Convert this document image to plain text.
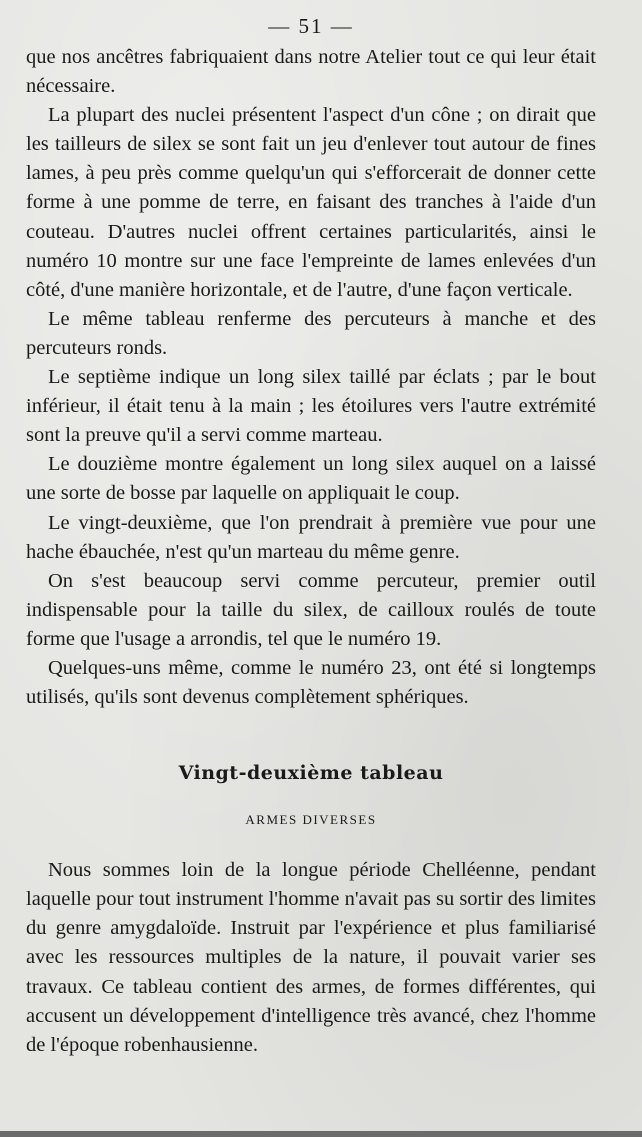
— 51 —

que nos ancêtres fabriquaient dans notre Atelier tout ce qui leur était nécessaire.

La plupart des nuclei présentent l'aspect d'un cône ; on dirait que les tailleurs de silex se sont fait un jeu d'enlever tout autour de fines lames, à peu près comme quelqu'un qui s'efforcerait de donner cette forme à une pomme de terre, en faisant des tranches à l'aide d'un couteau. D'autres nuclei offrent certaines particularités, ainsi le numéro 10 montre sur une face l'empreinte de lames enlevées d'un côté, d'une manière horizontale, et de l'autre, d'une façon verticale.

Le même tableau renferme des percuteurs à manche et des percuteurs ronds.

Le septième indique un long silex taillé par éclats ; par le bout inférieur, il était tenu à la main ; les étoilures vers l'autre extrémité sont la preuve qu'il a servi comme marteau.

Le douzième montre également un long silex auquel on a laissé une sorte de bosse par laquelle on appliquait le coup.

Le vingt-deuxième, que l'on prendrait à première vue pour une hache ébauchée, n'est qu'un marteau du même genre.

On s'est beaucoup servi comme percuteur, premier outil indispensable pour la taille du silex, de cailloux roulés de toute forme que l'usage a arrondis, tel que le numéro 19.

Quelques-uns même, comme le numéro 23, ont été si longtemps utilisés, qu'ils sont devenus complètement sphériques.

Vingt-deuxième tableau
ARMES DIVERSES

Nous sommes loin de la longue période Chelléenne, pendant laquelle pour tout instrument l'homme n'avait pas su sortir des limites du genre amygdaloïde. Instruit par l'expérience et plus familiarisé avec les ressources multiples de la nature, il pouvait varier ses travaux. Ce tableau contient des armes, de formes différentes, qui accusent un développement d'intelligence très avancé, chez l'homme de l'époque robenhausienne.
